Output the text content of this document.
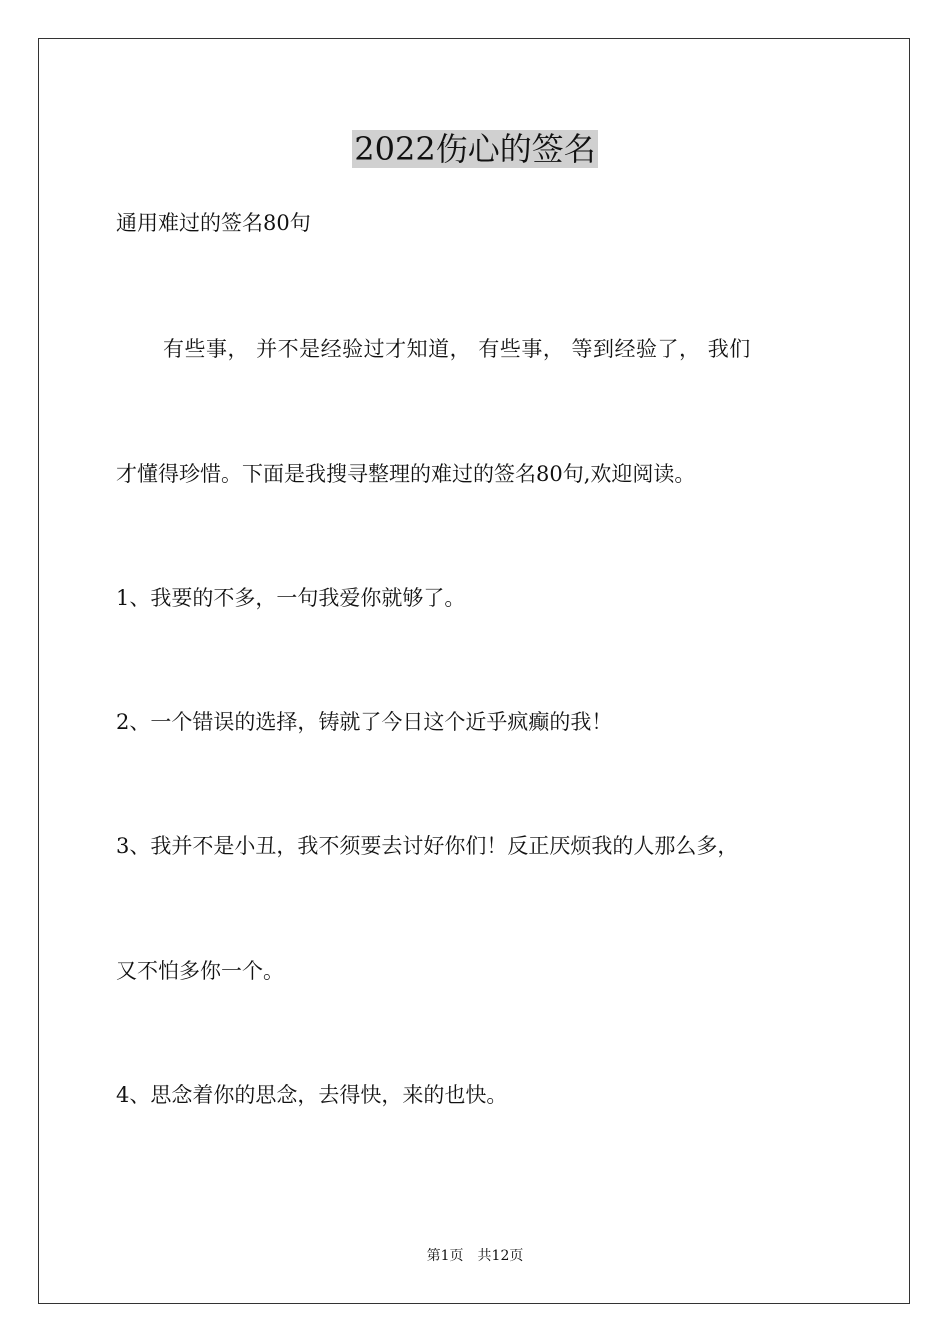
2022伤心的签名
通用难过的签名80句
有些事， 并不是经验过才知道， 有些事， 等到经验了， 我们
才懂得珍惜。下面是我搜寻整理的难过的签名80句,欢迎阅读。
1、我要的不多，一句我爱你就够了。
2、一个错误的选择，铸就了今日这个近乎疯癫的我！
3、我并不是小丑，我不须要去讨好你们！反正厌烦我的人那么多，
又不怕多你一个。
4、思念着你的思念，去得快，来的也快。
第1页　共12页
